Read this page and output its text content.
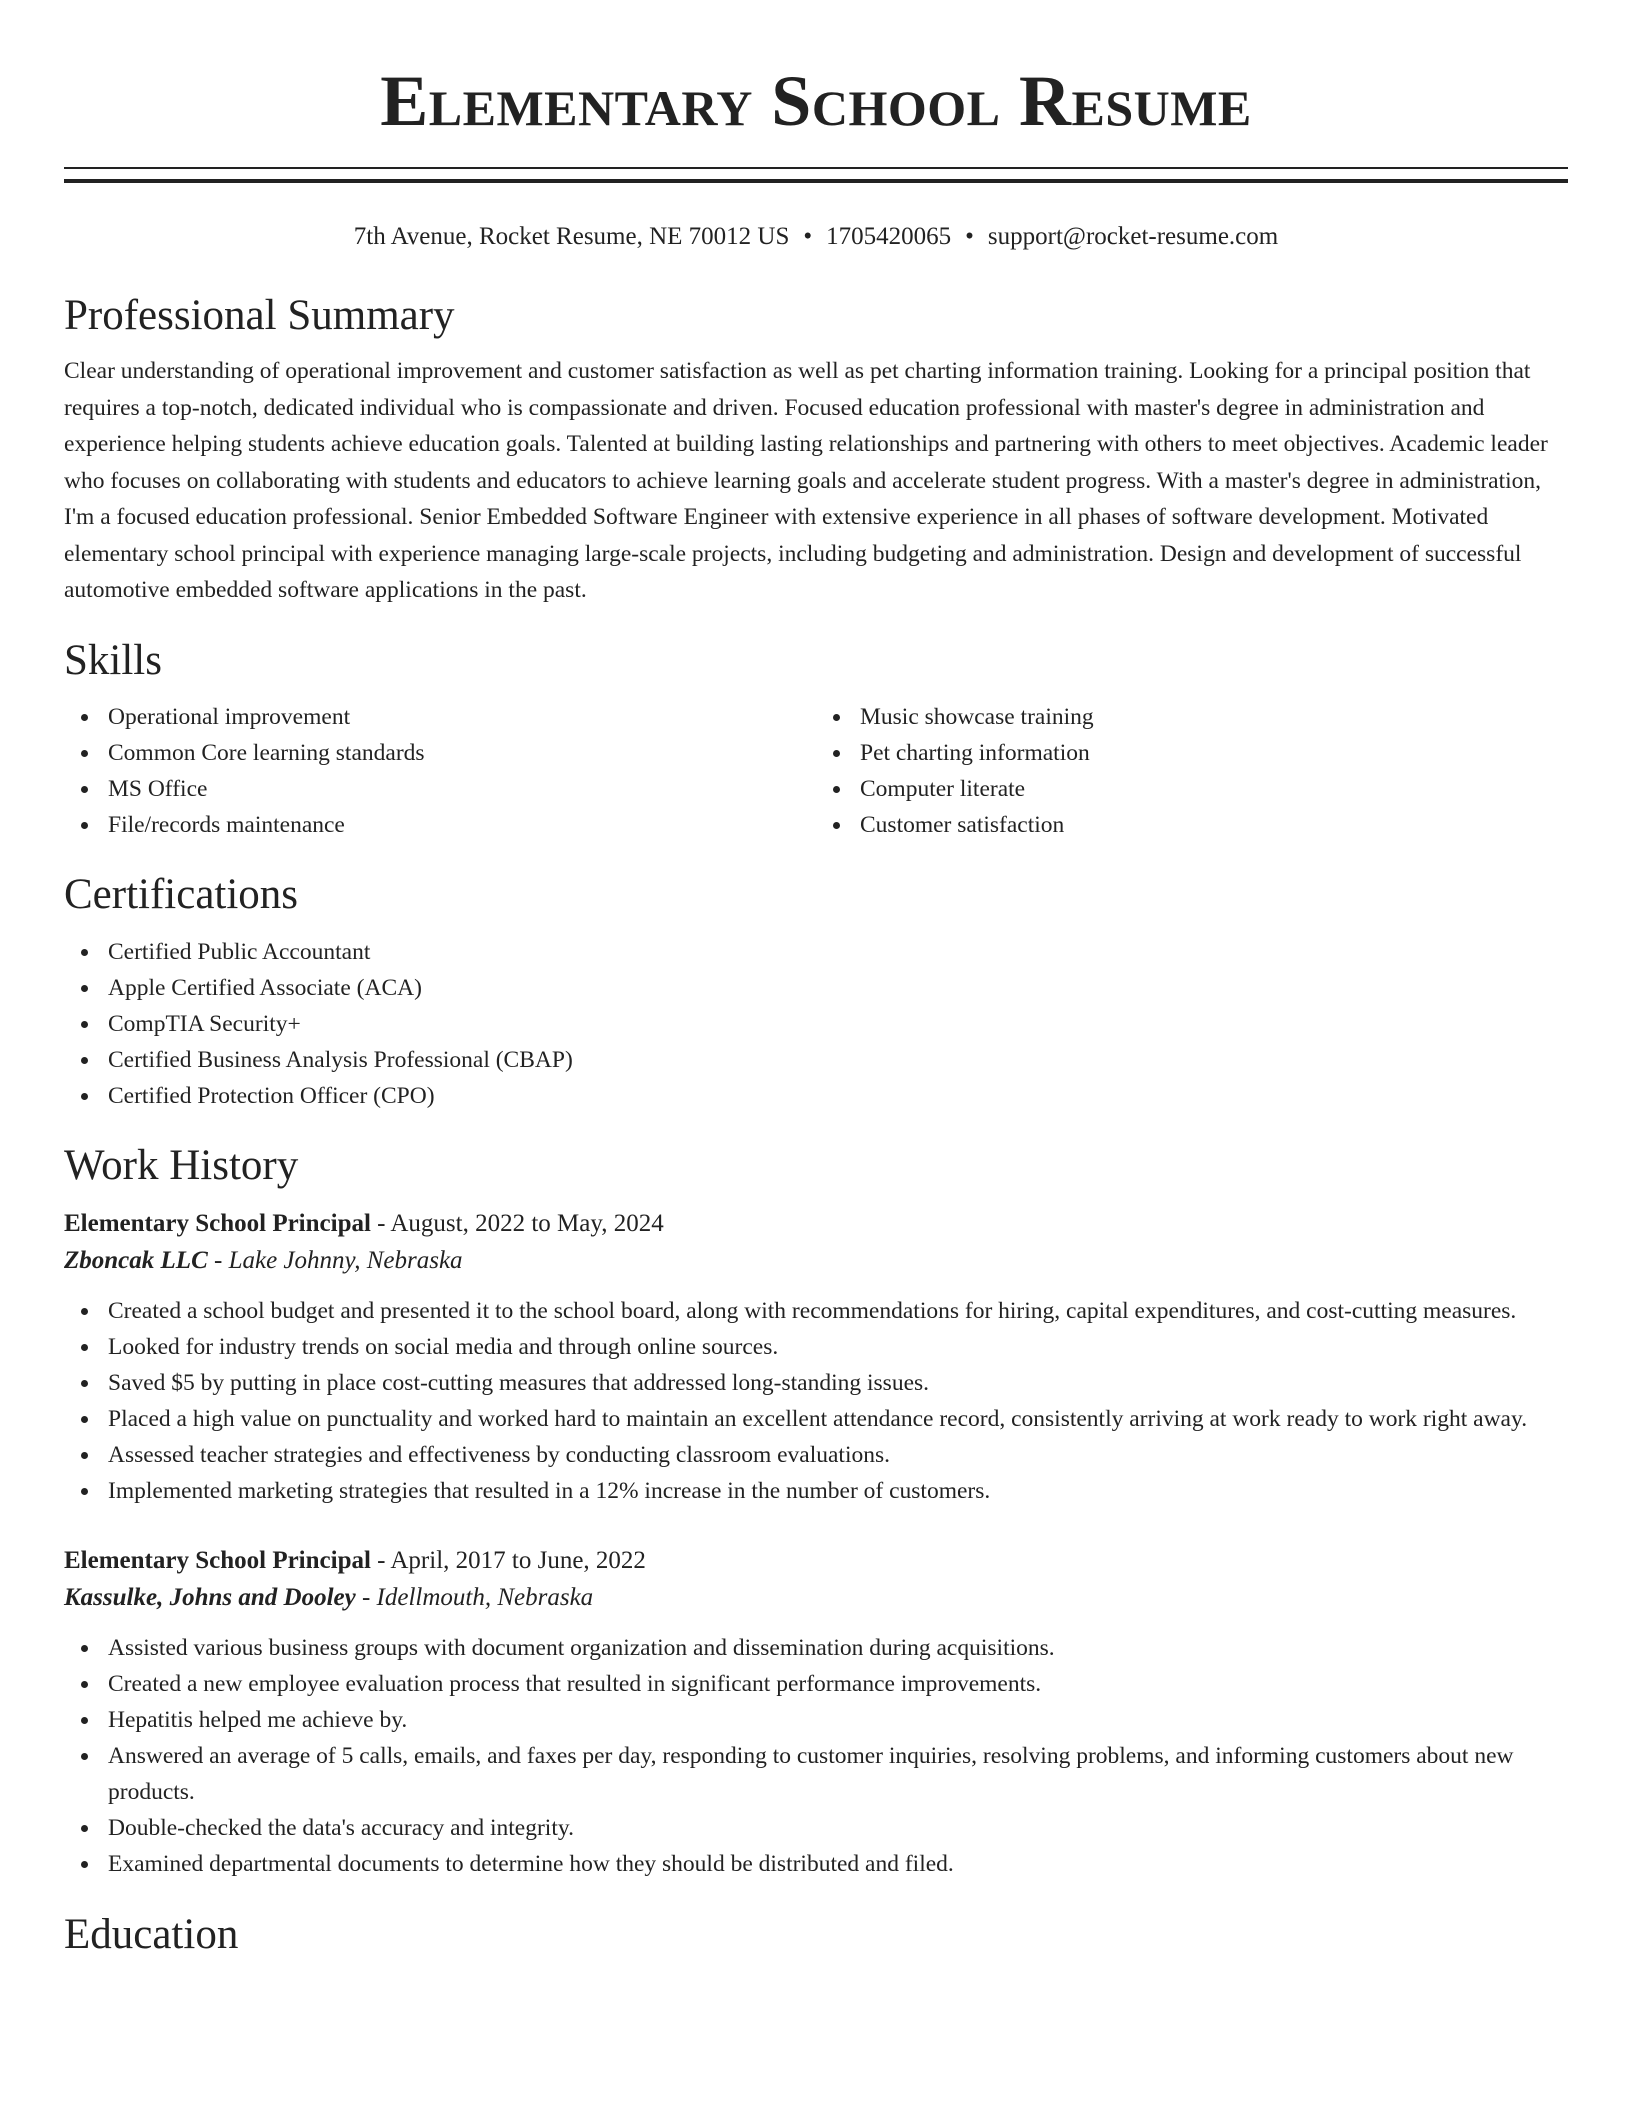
Elementary School Resume
7th Avenue, Rocket Resume, NE 70012 US • 1705420065 • support@rocket-resume.com
Professional Summary

Clear understanding of operational improvement and customer satisfaction as well as pet charting information training. Looking for a principal position that requires a top-notch, dedicated individual who is compassionate and driven. Focused education professional with master's degree in administration and experience helping students achieve education goals. Talented at building lasting relationships and partnering with others to meet objectives. Academic leader who focuses on collaborating with students and educators to achieve learning goals and accelerate student progress. With a master's degree in administration, I'm a focused education professional. Senior Embedded Software Engineer with extensive experience in all phases of software development. Motivated elementary school principal with experience managing large-scale projects, including budgeting and administration. Design and development of successful automotive embedded software applications in the past.

Skills
Operational improvement
Common Core learning standards
MS Office
File/records maintenance
Music showcase training
Pet charting information
Computer literate
Customer satisfaction
Certifications
Certified Public Accountant
Apple Certified Associate (ACA)
CompTIA Security+
Certified Business Analysis Professional (CBAP)
Certified Protection Officer (CPO)
Work History
Elementary School Principal - August, 2022 to May, 2024
Zboncak LLC - Lake Johnny, Nebraska
Created a school budget and presented it to the school board, along with recommendations for hiring, capital expenditures, and cost-cutting measures.
Looked for industry trends on social media and through online sources.
Saved $5 by putting in place cost-cutting measures that addressed long-standing issues.
Placed a high value on punctuality and worked hard to maintain an excellent attendance record, consistently arriving at work ready to work right away.
Assessed teacher strategies and effectiveness by conducting classroom evaluations.
Implemented marketing strategies that resulted in a 12% increase in the number of customers.
Elementary School Principal - April, 2017 to June, 2022
Kassulke, Johns and Dooley - Idellmouth, Nebraska
Assisted various business groups with document organization and dissemination during acquisitions.
Created a new employee evaluation process that resulted in significant performance improvements.
Hepatitis helped me achieve by.
Answered an average of 5 calls, emails, and faxes per day, responding to customer inquiries, resolving problems, and informing customers about new products.
Double-checked the data's accuracy and integrity.
Examined departmental documents to determine how they should be distributed and filed.
Education
